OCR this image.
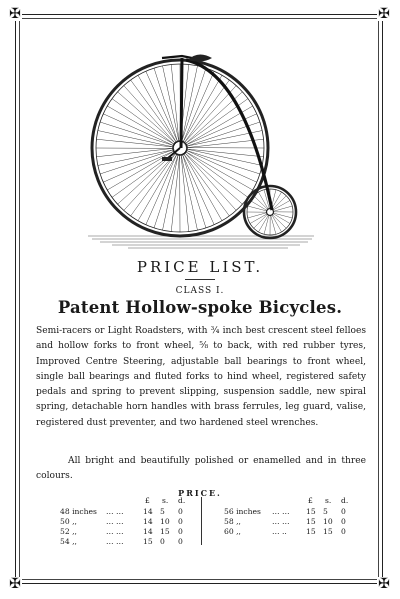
✠	✠
✠	✠
PRICE LIST.
CLASS I.
Patent Hollow-spoke Bicycles.
Semi-racers or Light Roadsters, with ¾ inch best crescent steel felloes and hollow forks to front wheel, ⅝ to back, with red rubber tyres, Improved Centre Steering, adjustable ball bearings to front wheel, single ball bearings and fluted forks to hind wheel, registered safety pedals and spring to prevent slipping, suspension saddle, new spiral spring, detachable horn handles with brass ferrules, leg guard, valise, registered dust preventer, and two hardened steel wrenches.
All bright and beautifully polished or enamelled and in three colours.
PRICE.
£ s. d.
48 inches … …	14 5 0
50 ,,	… …	14 10 0
52 ,,	… …	14 15 0
54 ,,	… …	15 0 0
£ s. d.
56 inches … … 15 5 0
58 ,,	… … 15 10 0
60 ,,	… ..	15 15 0
